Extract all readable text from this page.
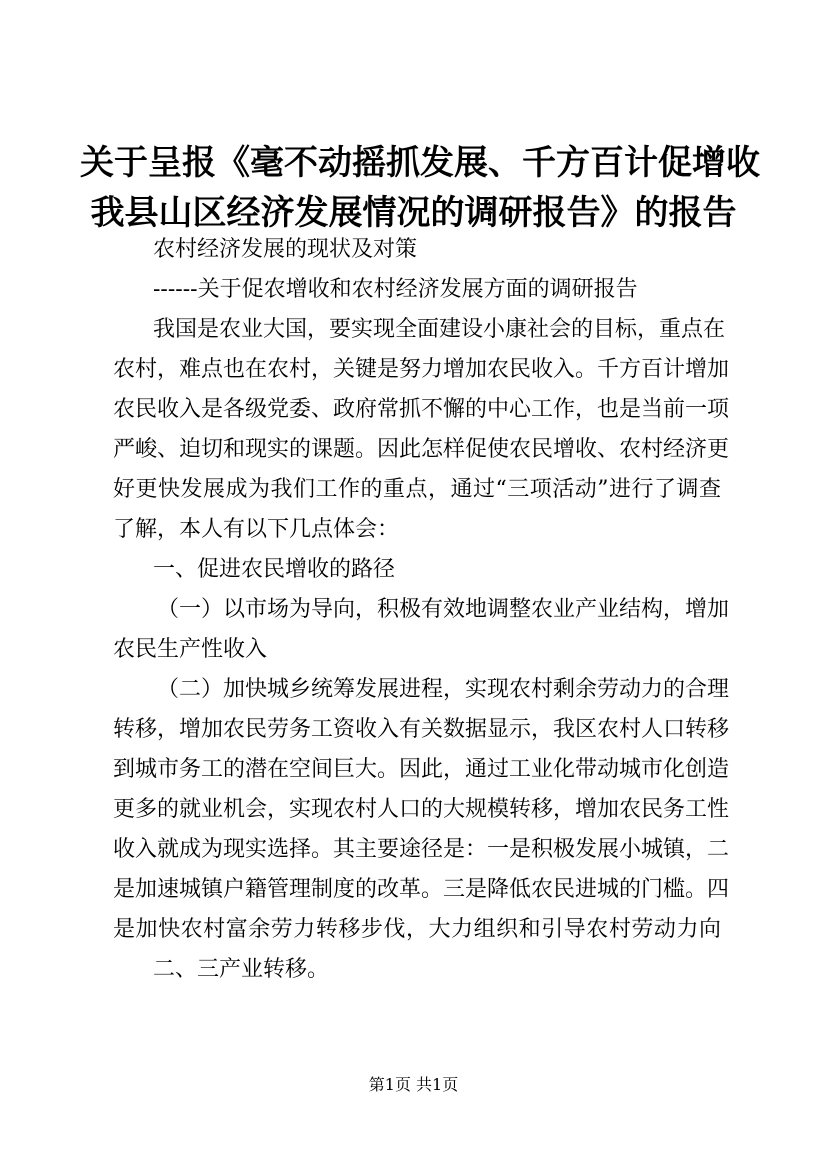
关于呈报《毫不动摇抓发展、千方百计促增收
我县山区经济发展情况的调研报告》的报告
农村经济发展的现状及对策
------关于促农增收和农村经济发展方面的调研报告
我国是农业大国，要实现全面建设小康社会的目标，重点在
农村，难点也在农村，关键是努力增加农民收入。千方百计增加
农民收入是各级党委、政府常抓不懈的中心工作，也是当前一项
严峻、迫切和现实的课题。因此怎样促使农民增收、农村经济更
好更快发展成为我们工作的重点，通过“三项活动”进行了调查
了解，本人有以下几点体会：
一、促进农民增收的路径
（一）以市场为导向，积极有效地调整农业产业结构，增加
农民生产性收入
（二）加快城乡统筹发展进程，实现农村剩余劳动力的合理
转移，增加农民劳务工资收入有关数据显示，我区农村人口转移
到城市务工的潜在空间巨大。因此，通过工业化带动城市化创造
更多的就业机会，实现农村人口的大规模转移，增加农民务工性
收入就成为现实选择。其主要途径是：一是积极发展小城镇，二
是加速城镇户籍管理制度的改革。三是降低农民进城的门槛。四
是加快农村富余劳力转移步伐，大力组织和引导农村劳动力向
二、三产业转移。
第1页 共1页
